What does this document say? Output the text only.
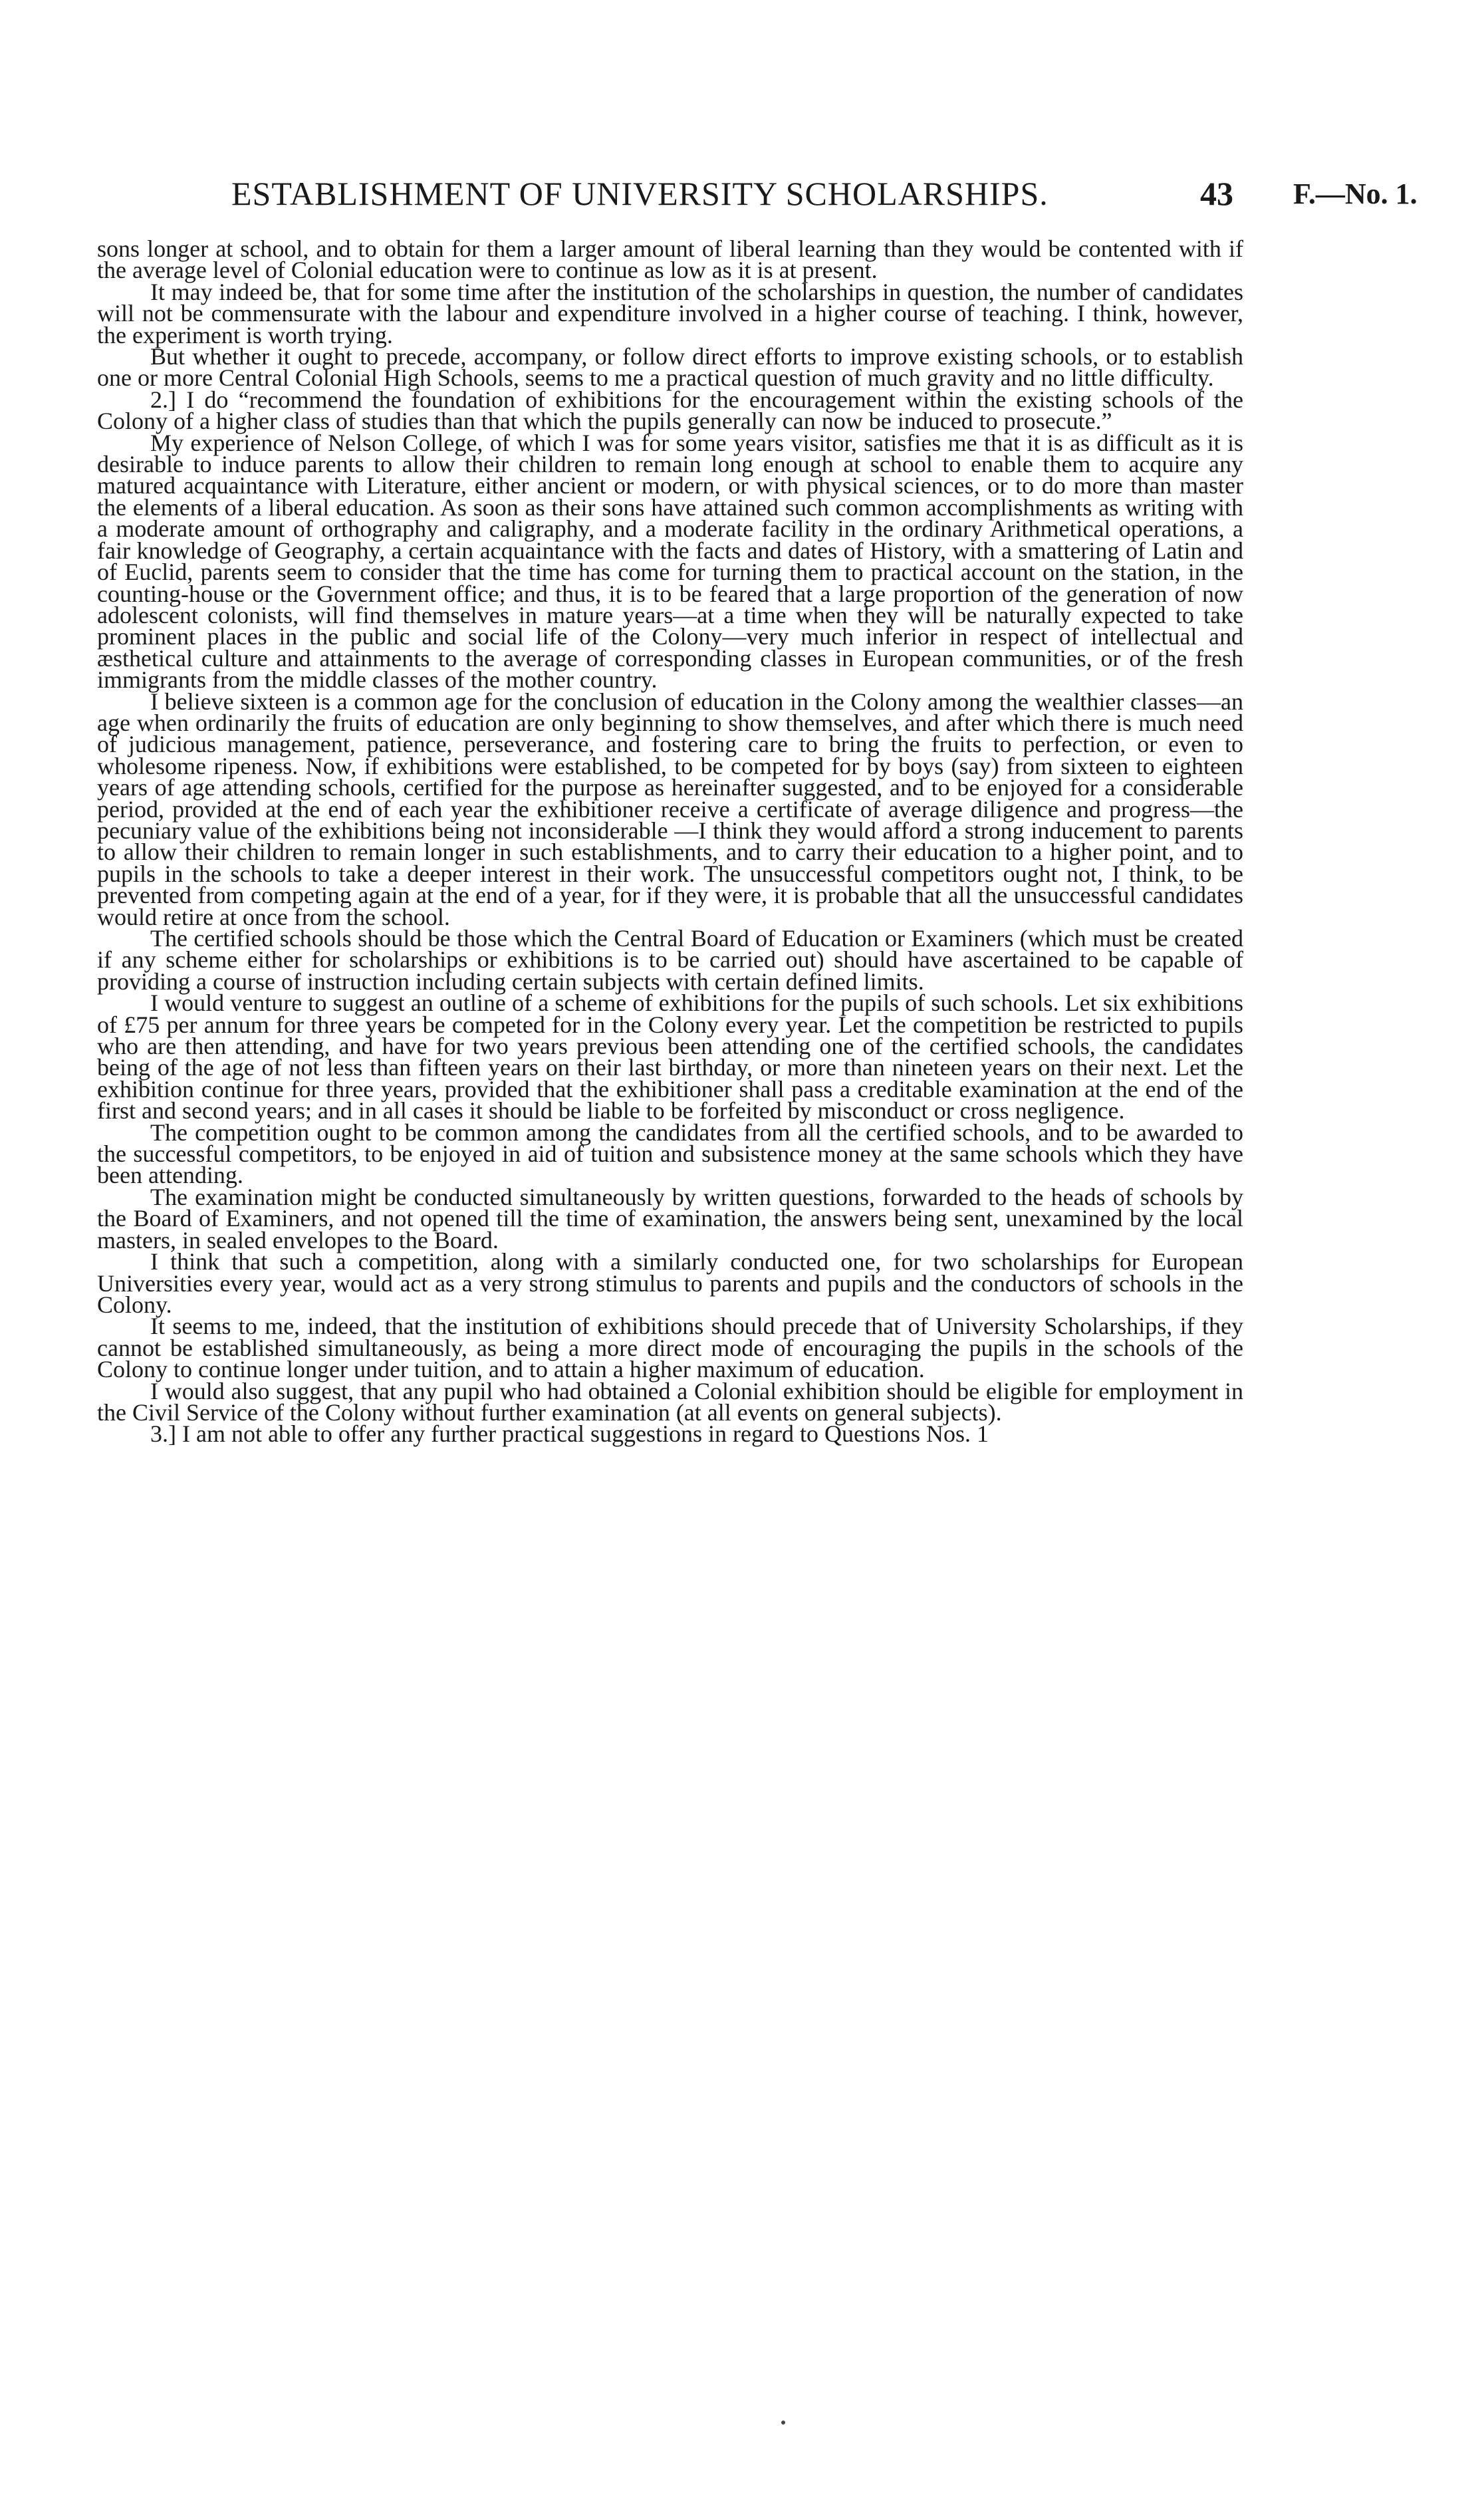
ESTABLISHMENT OF UNIVERSITY SCHOLARSHIPS.	43 F.—No. 1.

sons longer at school, and to obtain for them a larger amount of liberal learning than they would be contented with if the average level of Colonial education were to continue as low as it is at present.

It may indeed be, that for some time after the institution of the scholarships in question, the number of candidates will not be commensurate with the labour and expenditure involved in a higher course of teaching. I think, however, the experiment is worth trying.

But whether it ought to precede, accompany, or follow direct efforts to improve existing schools, or to establish one or more Central Colonial High Schools, seems to me a practical question of much gravity and no little difficulty.

2.] I do “recommend the foundation of exhibitions for the encouragement within the existing schools of the Colony of a higher class of studies than that which the pupils generally can now be induced to prosecute.”

My experience of Nelson College, of which I was for some years visitor, satisfies me that it is as difficult as it is desirable to induce parents to allow their children to remain long enough at school to enable them to acquire any matured acquaintance with Literature, either ancient or modern, or with physical sciences, or to do more than master the elements of a liberal education. As soon as their sons have attained such common accomplishments as writing with a moderate amount of orthography and caligraphy, and a moderate facility in the ordinary Arithmetical operations, a fair knowledge of Geography, a certain acquaintance with the facts and dates of History, with a smattering of Latin and of Euclid, parents seem to consider that the time has come for turning them to practical account on the station, in the counting-house or the Government office; and thus, it is to be feared that a large proportion of the generation of now adolescent colonists, will find themselves in mature years—at a time when they will be naturally expected to take prominent places in the public and social life of the Colony—very much inferior in respect of intellectual and æsthetical culture and attainments to the average of corresponding classes in European communities, or of the fresh immigrants from the middle classes of the mother country.

I believe sixteen is a common age for the conclusion of education in the Colony among the wealthier classes—an age when ordinarily the fruits of education are only beginning to show themselves, and after which there is much need of judicious management, patience, perseverance, and fostering care to bring the fruits to perfection, or even to wholesome ripeness. Now, if exhibitions were established, to be competed for by boys (say) from sixteen to eighteen years of age attending schools, certified for the purpose as hereinafter suggested, and to be enjoyed for a considerable period, provided at the end of each year the exhibitioner receive a certificate of average diligence and progress—the pecuniary value of the exhibitions being not inconsiderable —I think they would afford a strong inducement to parents to allow their children to remain longer in such establishments, and to carry their education to a higher point, and to pupils in the schools to take a deeper interest in their work. The unsuccessful competitors ought not, I think, to be prevented from competing again at the end of a year, for if they were, it is probable that all the unsuccessful candidates would retire at once from the school.

The certified schools should be those which the Central Board of Education or Examiners (which must be created if any scheme either for scholarships or exhibitions is to be carried out) should have ascertained to be capable of providing a course of instruction including certain subjects with certain defined limits.

I would venture to suggest an outline of a scheme of exhibitions for the pupils of such schools. Let six exhibitions of £75 per annum for three years be competed for in the Colony every year. Let the competition be restricted to pupils who are then attending, and have for two years previous been attending one of the certified schools, the candidates being of the age of not less than fifteen years on their last birthday, or more than nineteen years on their next. Let the exhibition continue for three years, provided that the exhibitioner shall pass a creditable examination at the end of the first and second years; and in all cases it should be liable to be forfeited by misconduct or cross negligence.

The competition ought to be common among the candidates from all the certified schools, and to be awarded to the successful competitors, to be enjoyed in aid of tuition and subsistence money at the same schools which they have been attending.

The examination might be conducted simultaneously by written questions, forwarded to the heads of schools by the Board of Examiners, and not opened till the time of examination, the answers being sent, unexamined by the local masters, in sealed envelopes to the Board.

I think that such a competition, along with a similarly conducted one, for two scholarships for European Universities every year, would act as a very strong stimulus to parents and pupils and the conductors of schools in the Colony.

It seems to me, indeed, that the institution of exhibitions should precede that of University Scholarships, if they cannot be established simultaneously, as being a more direct mode of encouraging the pupils in the schools of the Colony to continue longer under tuition, and to attain a higher maximum of education.

I would also suggest, that any pupil who had obtained a Colonial exhibition should be eligible for employment in the Civil Service of the Colony without further examination (at all events on general subjects).

3.] I am not able to offer any further practical suggestions in regard to Questions Nos. 1
